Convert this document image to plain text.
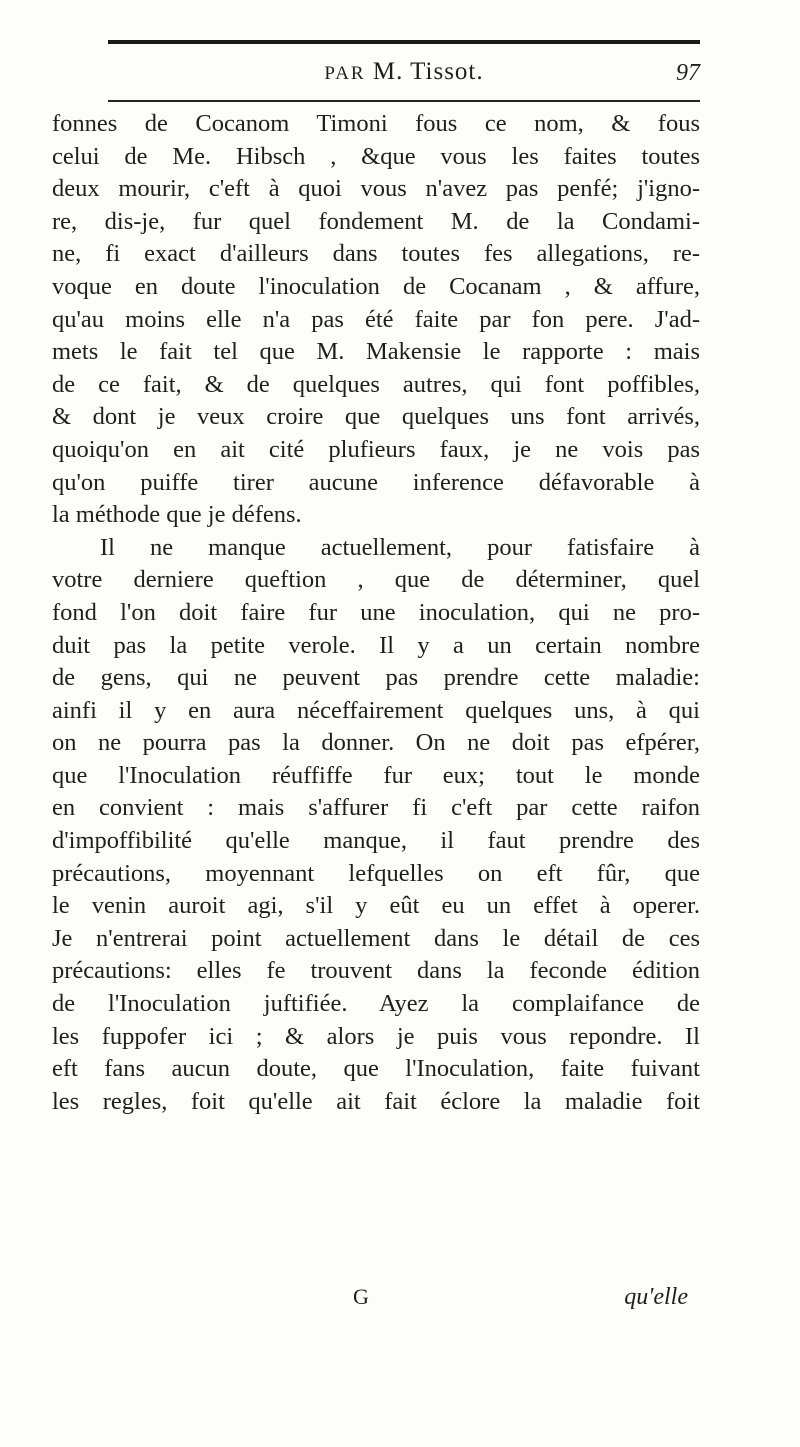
PAR M. Tissot.	97
fonnes de Cocanom Timoni fous ce nom, & fous
celui de Me. Hibsch , &que vous les faites toutes
deux mourir, c'eft à quoi vous n'avez pas penfé; j'igno-
re, dis-je, fur quel fondement M. de la Condami-
ne, fi exact d'ailleurs dans toutes fes allegations, re-
voque en doute l'inoculation de Cocanam , & affure,
qu'au moins elle n'a pas été faite par fon pere. J'ad-
mets le fait tel que M. Makensie le rapporte : mais
de ce fait, & de quelques autres, qui font poffibles,
& dont je veux croire que quelques uns font arrivés,
quoiqu'on en ait cité plufieurs faux, je ne vois pas
qu'on puiffe tirer aucune inference défavorable à
la méthode que je défens.
Il ne manque actuellement, pour fatisfaire à
votre derniere queftion , que de déterminer, quel
fond l'on doit faire fur une inoculation, qui ne pro-
duit pas la petite verole. Il y a un certain nombre
de gens, qui ne peuvent pas prendre cette maladie:
ainfi il y en aura néceffairement quelques uns, à qui
on ne pourra pas la donner. On ne doit pas efpérer,
que l'Inoculation réuffiffe fur eux; tout le monde
en convient : mais s'affurer fi c'eft par cette raifon
d'impoffibilité qu'elle manque, il faut prendre des
précautions, moyennant lefquelles on eft fûr, que
le venin auroit agi, s'il y eût eu un effet à operer.
Je n'entrerai point actuellement dans le détail de ces
précautions: elles fe trouvent dans la feconde édition
de l'Inoculation juftifiée. Ayez la complaifance de
les fuppofer ici ; & alors je puis vous repondre. Il
eft fans aucun doute, que l'Inoculation, faite fuivant
les regles, foit qu'elle ait fait éclore la maladie foit
G	qu'elle
